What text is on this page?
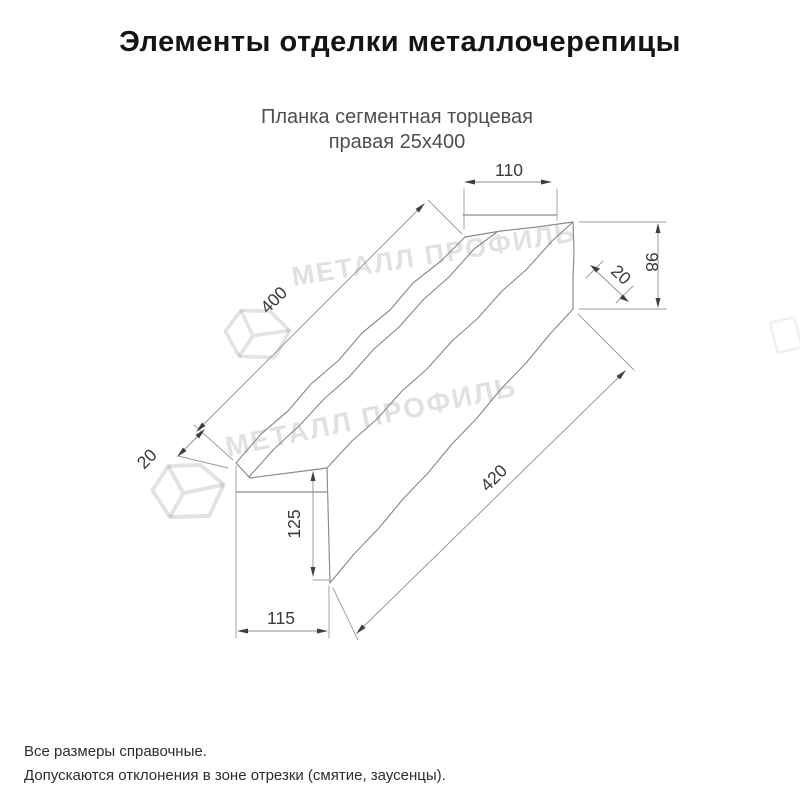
Элементы отделки металлочерепицы
Планка сегментная торцевая
правая 25х400
МЕТАЛЛ ПРОФИЛЬ
МЕТАЛЛ ПРОФИЛЬ
110
98
20
400
20
125
115
420
Все размеры справочные.
Допускаются отклонения в зоне отрезки (смятие, заусенцы).
